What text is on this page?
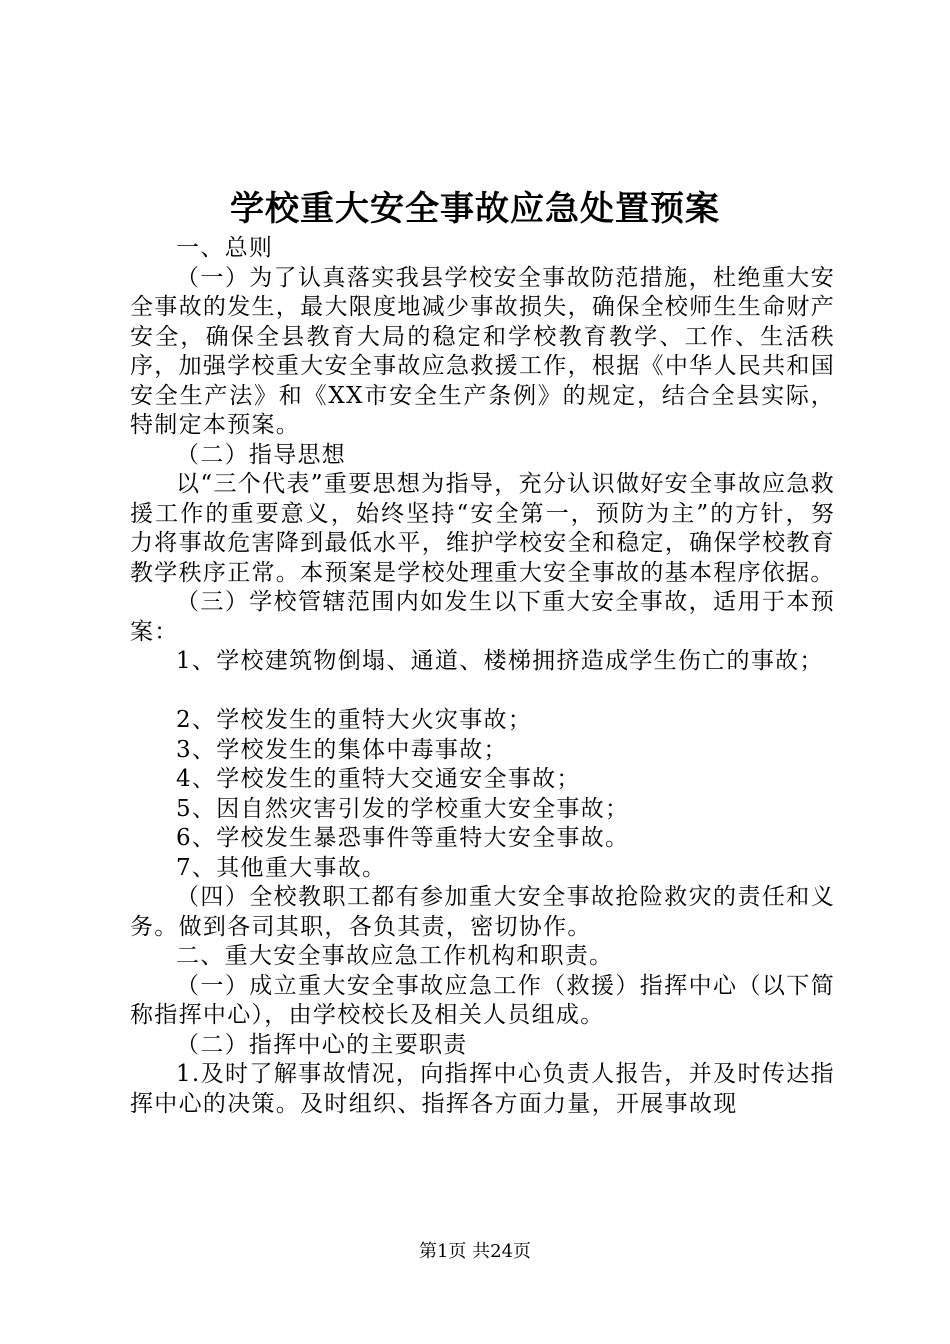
学校重大安全事故应急处置预案

一、总则

（一）为了认真落实我县学校安全事故防范措施，杜绝重大安全事故的发生，最大限度地减少事故损失，确保全校师生生命财产安全，确保全县教育大局的稳定和学校教育教学、工作、生活秩序，加强学校重大安全事故应急救援工作，根据《中华人民共和国安全生产法》和《XX市安全生产条例》的规定，结合全县实际，特制定本预案。

（二）指导思想

以“三个代表”重要思想为指导，充分认识做好安全事故应急救援工作的重要意义，始终坚持“安全第一，预防为主”的方针，努力将事故危害降到最低水平，维护学校安全和稳定，确保学校教育教学秩序正常。本预案是学校处理重大安全事故的基本程序依据。

（三）学校管辖范围内如发生以下重大安全事故，适用于本预案：

1、学校建筑物倒塌、通道、楼梯拥挤造成学生伤亡的事故；

2、学校发生的重特大火灾事故；

3、学校发生的集体中毒事故；

4、学校发生的重特大交通安全事故；

5、因自然灾害引发的学校重大安全事故；

6、学校发生暴恐事件等重特大安全事故。

7、其他重大事故。

（四）全校教职工都有参加重大安全事故抢险救灾的责任和义务。做到各司其职，各负其责，密切协作。

二、重大安全事故应急工作机构和职责。

（一）成立重大安全事故应急工作（救援）指挥中心（以下简称指挥中心），由学校校长及相关人员组成。

（二）指挥中心的主要职责

1.及时了解事故情况，向指挥中心负责人报告，并及时传达指挥中心的决策。及时组织、指挥各方面力量，开展事故现

第1页 共24页
